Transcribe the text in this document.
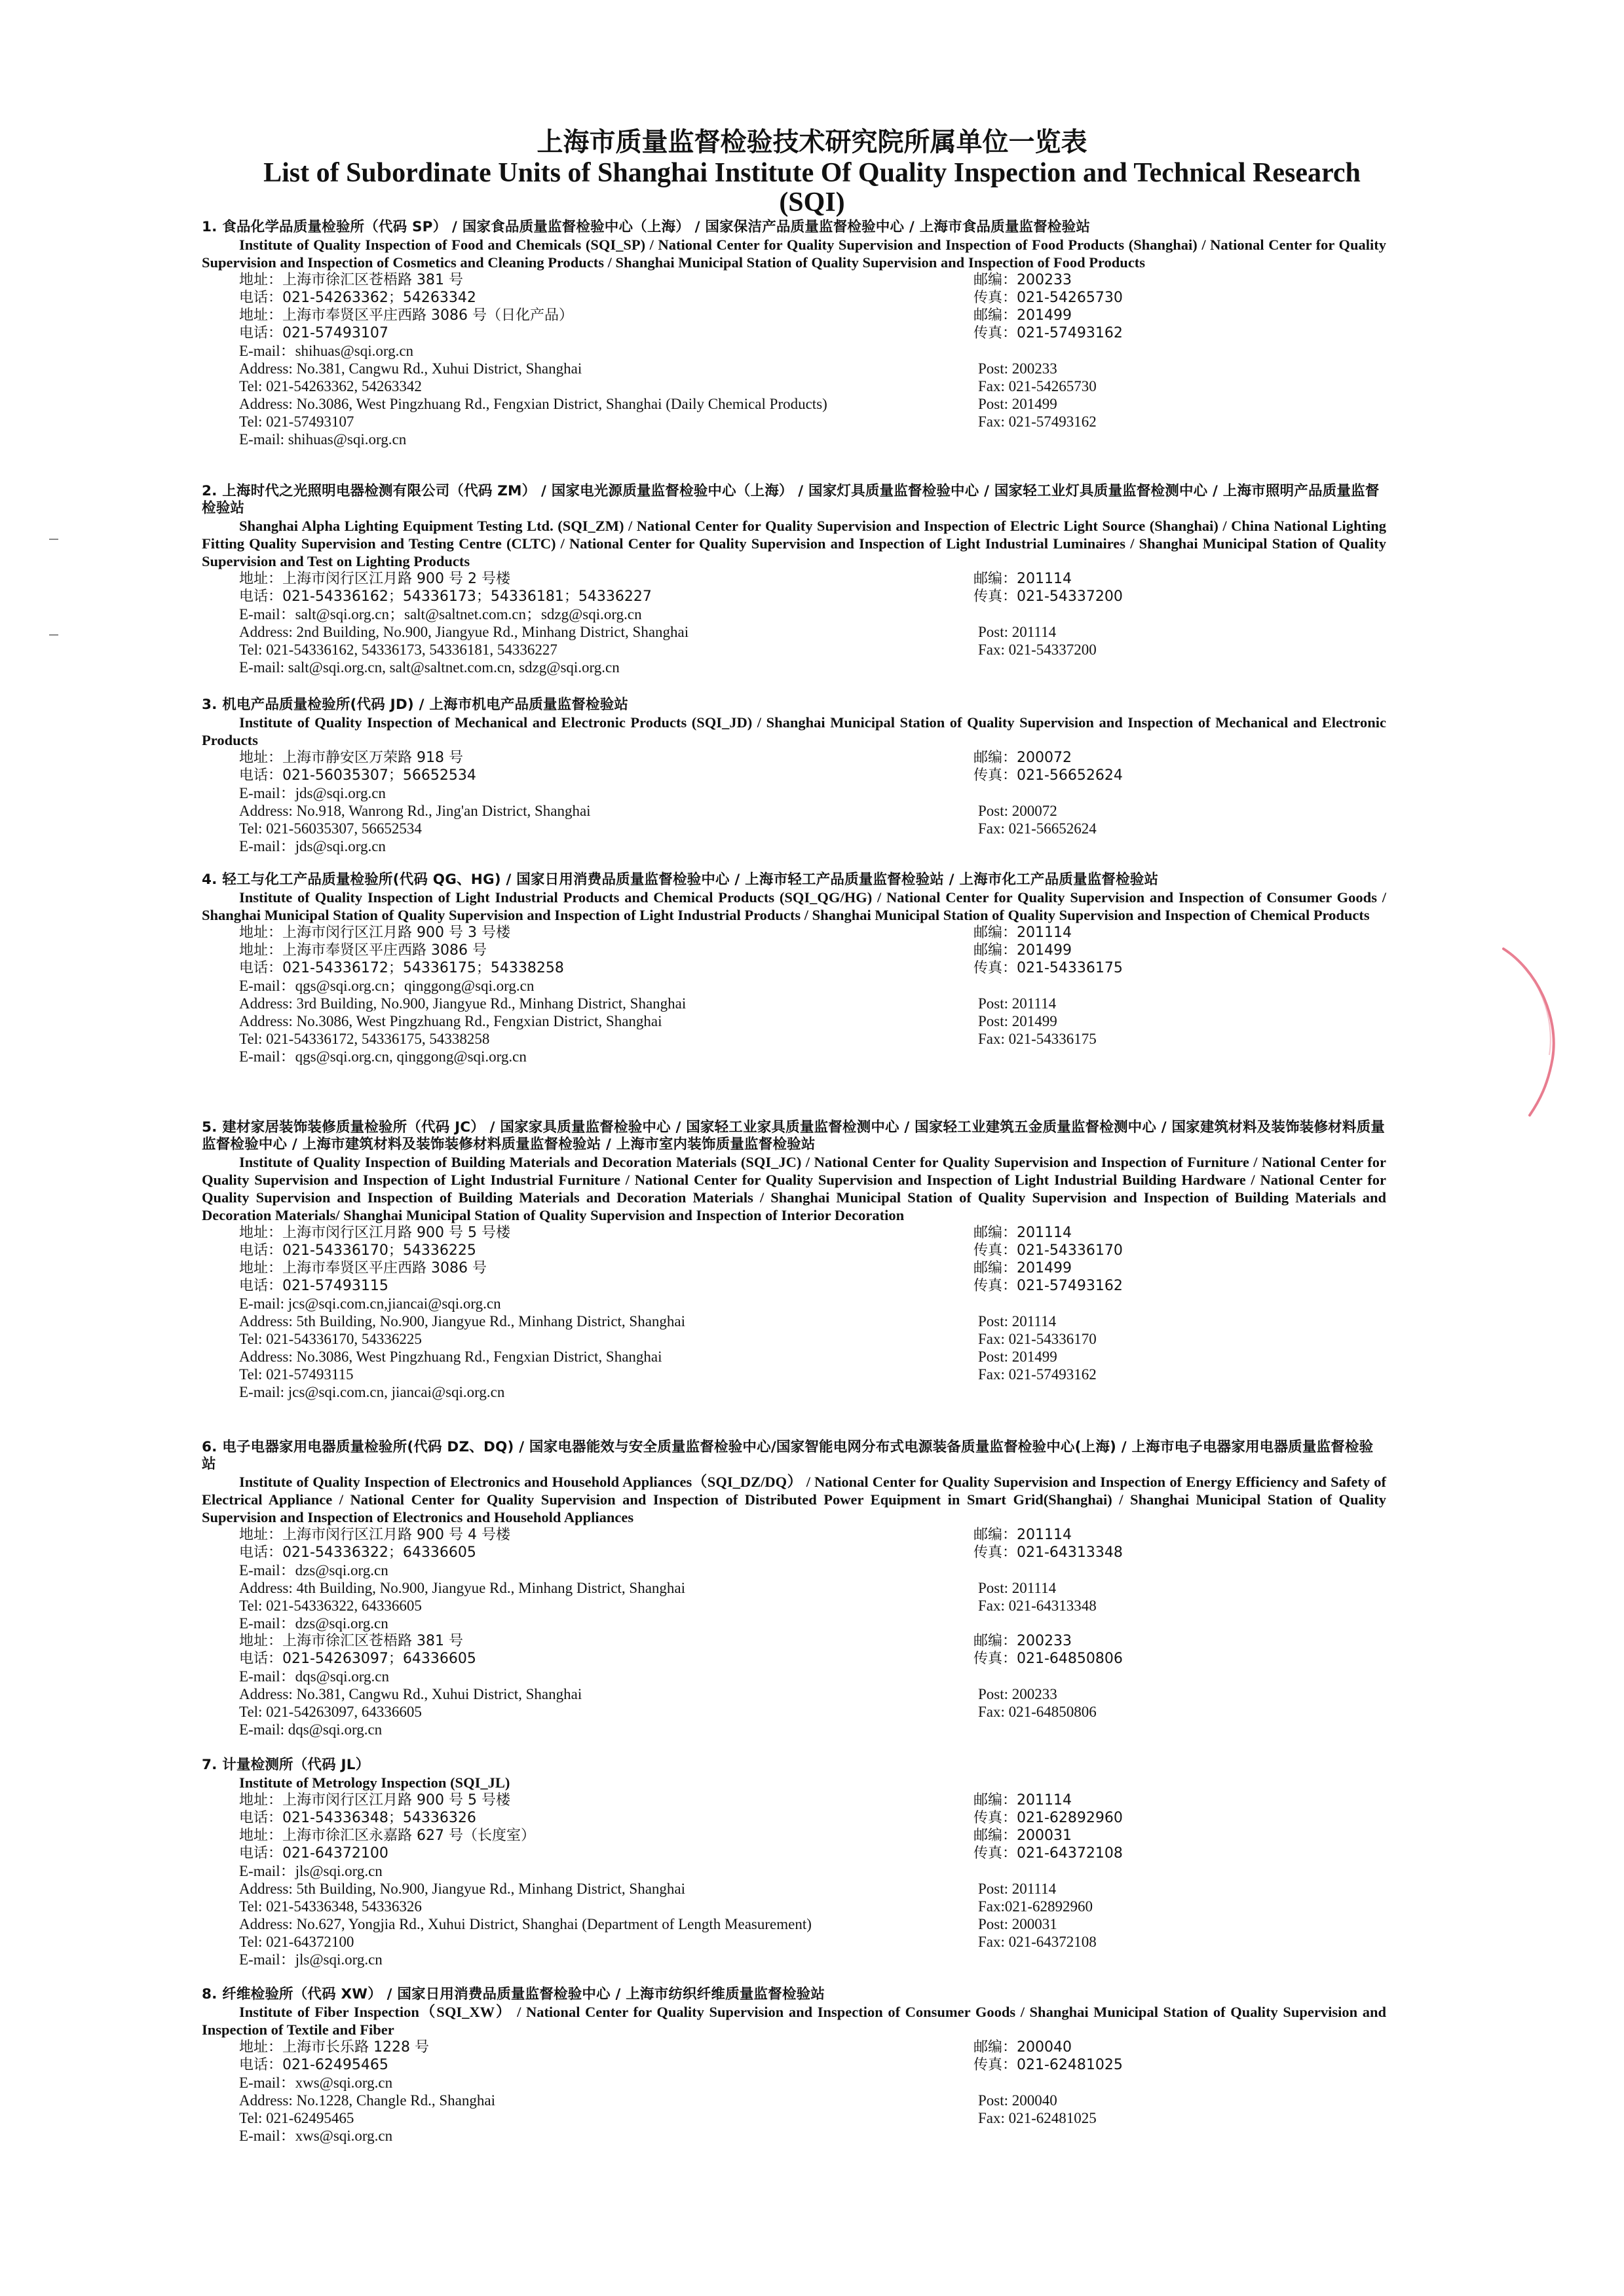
上海市质量监督检验技术研究院所属单位一览表
List of Subordinate Units of Shanghai Institute Of Quality Inspection and Technical Research
(SQI)
1. 食品化学品质量检验所（代码 SP） / 国家食品质量监督检验中心（上海） / 国家保洁产品质量监督检验中心 / 上海市食品质量监督检验站
Institute of Quality Inspection of Food and Chemicals (SQI_SP) / National Center for Quality Supervision and Inspection of Food Products (Shanghai) / National Center for Quality Supervision and Inspection of Cosmetics and Cleaning Products / Shanghai Municipal Station of Quality Supervision and Inspection of Food Products
地址：上海市徐汇区苍梧路 381 号	邮编：200233
电话：021-54263362；54263342	传真：021-54265730
地址：上海市奉贤区平庄西路 3086 号（日化产品）	邮编：201499
电话：021-57493107	传真：021-57493162
E-mail：shihuas@sqi.org.cn
Address: No.381, Cangwu Rd., Xuhui District, Shanghai	Post: 200233
Tel: 021-54263362, 54263342	Fax: 021-54265730
Address: No.3086, West Pingzhuang Rd., Fengxian District, Shanghai (Daily Chemical Products)	Post: 201499
Tel: 021-57493107	Fax: 021-57493162
E-mail: shihuas@sqi.org.cn
2. 上海时代之光照明电器检测有限公司（代码 ZM） / 国家电光源质量监督检验中心（上海） / 国家灯具质量监督检验中心 / 国家轻工业灯具质量监督检测中心 / 上海市照明产品质量监督检验站
Shanghai Alpha Lighting Equipment Testing Ltd. (SQI_ZM) / National Center for Quality Supervision and Inspection of Electric Light Source (Shanghai) / China National Lighting Fitting Quality Supervision and Testing Centre (CLTC) / National Center for Quality Supervision and Inspection of Light Industrial Luminaires / Shanghai Municipal Station of Quality Supervision and Test on Lighting Products
地址：上海市闵行区江月路 900 号 2 号楼	邮编：201114
电话：021-54336162；54336173；54336181；54336227	传真：021-54337200
E-mail：salt@sqi.org.cn；salt@saltnet.com.cn；sdzg@sqi.org.cn
Address: 2nd Building, No.900, Jiangyue Rd., Minhang District, Shanghai	Post: 201114
Tel: 021-54336162, 54336173, 54336181, 54336227	Fax: 021-54337200
E-mail: salt@sqi.org.cn, salt@saltnet.com.cn, sdzg@sqi.org.cn
3. 机电产品质量检验所(代码 JD) / 上海市机电产品质量监督检验站
Institute of Quality Inspection of Mechanical and Electronic Products (SQI_JD) / Shanghai Municipal Station of Quality Supervision and Inspection of Mechanical and Electronic Products
地址：上海市静安区万荣路 918 号	邮编：200072
电话：021-56035307；56652534	传真：021-56652624
E-mail：jds@sqi.org.cn
Address: No.918, Wanrong Rd., Jing'an District, Shanghai	Post: 200072
Tel: 021-56035307, 56652534	Fax: 021-56652624
E-mail：jds@sqi.org.cn
4. 轻工与化工产品质量检验所(代码 QG、HG) / 国家日用消费品质量监督检验中心 / 上海市轻工产品质量监督检验站 / 上海市化工产品质量监督检验站
Institute of Quality Inspection of Light Industrial Products and Chemical Products (SQI_QG/HG) / National Center for Quality Supervision and Inspection of Consumer Goods / Shanghai Municipal Station of Quality Supervision and Inspection of Light Industrial Products / Shanghai Municipal Station of Quality Supervision and Inspection of Chemical Products
地址：上海市闵行区江月路 900 号 3 号楼	邮编：201114
地址：上海市奉贤区平庄西路 3086 号	邮编：201499
电话：021-54336172；54336175；54338258	传真：021-54336175
E-mail：qgs@sqi.org.cn；qinggong@sqi.org.cn
Address: 3rd Building, No.900, Jiangyue Rd., Minhang District, Shanghai	Post: 201114
Address: No.3086, West Pingzhuang Rd., Fengxian District, Shanghai	Post: 201499
Tel: 021-54336172, 54336175, 54338258	Fax: 021-54336175
E-mail：qgs@sqi.org.cn, qinggong@sqi.org.cn
5. 建材家居装饰装修质量检验所（代码 JC） / 国家家具质量监督检验中心 / 国家轻工业家具质量监督检测中心 / 国家轻工业建筑五金质量监督检测中心 / 国家建筑材料及装饰装修材料质量监督检验中心 / 上海市建筑材料及装饰装修材料质量监督检验站 / 上海市室内装饰质量监督检验站
Institute of Quality Inspection of Building Materials and Decoration Materials (SQI_JC) / National Center for Quality Supervision and Inspection of Furniture / National Center for Quality Supervision and Inspection of Light Industrial Furniture / National Center for Quality Supervision and Inspection of Light Industrial Building Hardware / National Center for Quality Supervision and Inspection of Building Materials and Decoration Materials / Shanghai Municipal Station of Quality Supervision and Inspection of Building Materials and Decoration Materials/ Shanghai Municipal Station of Quality Supervision and Inspection of Interior Decoration
地址：上海市闵行区江月路 900 号 5 号楼	邮编：201114
电话：021-54336170；54336225	传真：021-54336170
地址：上海市奉贤区平庄西路 3086 号	邮编：201499
电话：021-57493115	传真：021-57493162
E-mail: jcs@sqi.com.cn,jiancai@sqi.org.cn
Address: 5th Building, No.900, Jiangyue Rd., Minhang District, Shanghai	Post: 201114
Tel: 021-54336170, 54336225	Fax: 021-54336170
Address: No.3086, West Pingzhuang Rd., Fengxian District, Shanghai	Post: 201499
Tel: 021-57493115	Fax: 021-57493162
E-mail: jcs@sqi.com.cn, jiancai@sqi.org.cn
6. 电子电器家用电器质量检验所(代码 DZ、DQ) / 国家电器能效与安全质量监督检验中心/国家智能电网分布式电源装备质量监督检验中心(上海) / 上海市电子电器家用电器质量监督检验站
Institute of Quality Inspection of Electronics and Household Appliances（SQI_DZ/DQ） / National Center for Quality Supervision and Inspection of Energy Efficiency and Safety of Electrical Appliance / National Center for Quality Supervision and Inspection of Distributed Power Equipment in Smart Grid(Shanghai) / Shanghai Municipal Station of Quality Supervision and Inspection of Electronics and Household Appliances
地址：上海市闵行区江月路 900 号 4 号楼	邮编：201114
电话：021-54336322；64336605	传真：021-64313348
E-mail：dzs@sqi.org.cn
Address: 4th Building, No.900, Jiangyue Rd., Minhang District, Shanghai	Post: 201114
Tel: 021-54336322, 64336605	Fax: 021-64313348
E-mail：dzs@sqi.org.cn
地址：上海市徐汇区苍梧路 381 号	邮编：200233
电话：021-54263097；64336605	传真：021-64850806
E-mail：dqs@sqi.org.cn
Address: No.381, Cangwu Rd., Xuhui District, Shanghai	Post: 200233
Tel: 021-54263097, 64336605	Fax: 021-64850806
E-mail: dqs@sqi.org.cn
7. 计量检测所（代码 JL）
Institute of Metrology Inspection (SQI_JL)
地址：上海市闵行区江月路 900 号 5 号楼	邮编：201114
电话：021-54336348；54336326	传真：021-62892960
地址：上海市徐汇区永嘉路 627 号（长度室）	邮编：200031
电话：021-64372100	传真：021-64372108
E-mail：jls@sqi.org.cn
Address: 5th Building, No.900, Jiangyue Rd., Minhang District, Shanghai	Post: 201114
Tel: 021-54336348, 54336326	Fax:021-62892960
Address: No.627, Yongjia Rd., Xuhui District, Shanghai (Department of Length Measurement)	Post: 200031
Tel: 021-64372100	Fax: 021-64372108
E-mail：jls@sqi.org.cn
8. 纤维检验所（代码 XW） / 国家日用消费品质量监督检验中心 / 上海市纺织纤维质量监督检验站
Institute of Fiber Inspection（SQI_XW） / National Center for Quality Supervision and Inspection of Consumer Goods / Shanghai Municipal Station of Quality Supervision and Inspection of Textile and Fiber
地址：上海市长乐路 1228 号	邮编：200040
电话：021-62495465	传真：021-62481025
E-mail：xws@sqi.org.cn
Address: No.1228, Changle Rd., Shanghai	Post: 200040
Tel: 021-62495465	Fax: 021-62481025
E-mail：xws@sqi.org.cn
